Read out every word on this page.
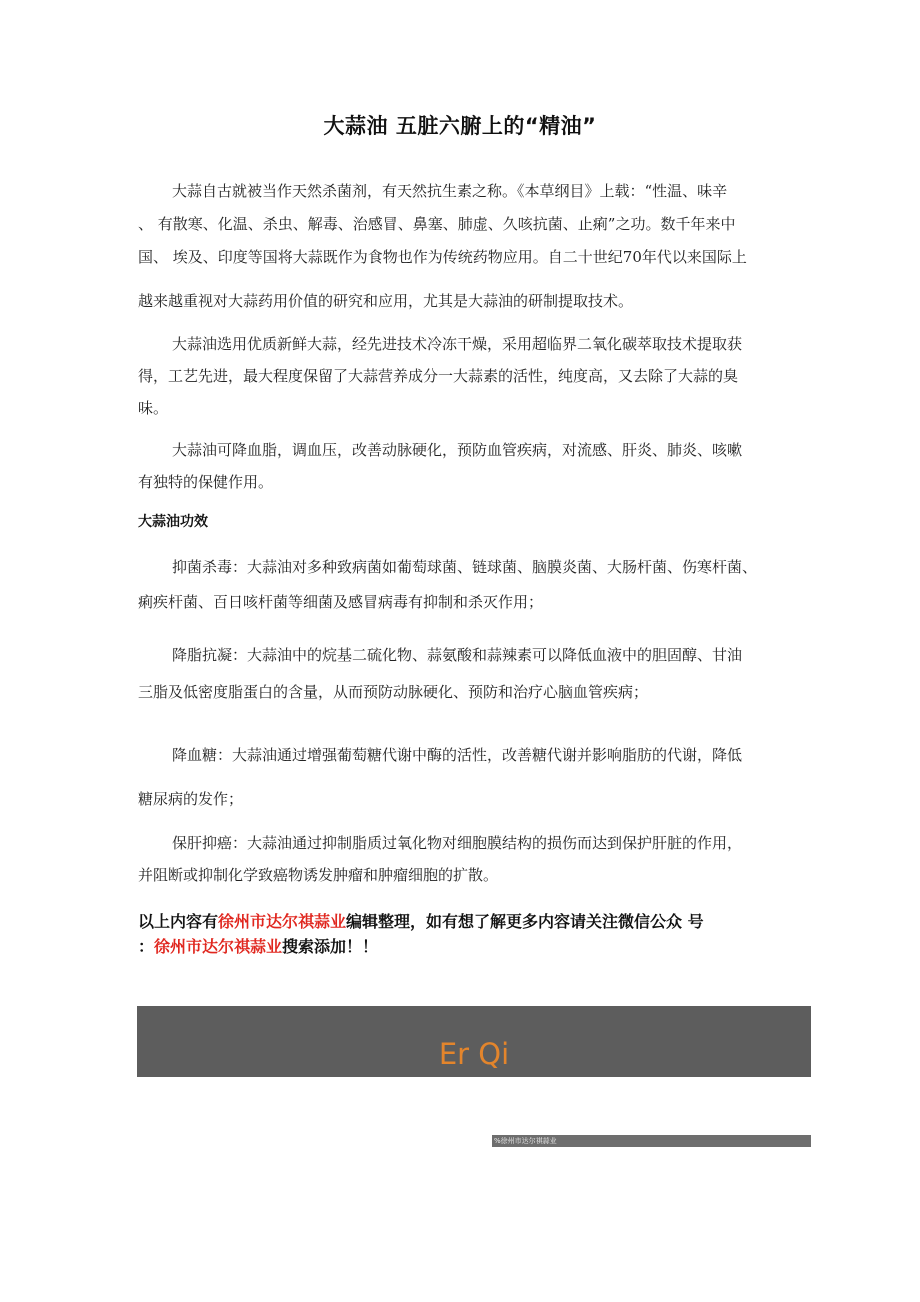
大蒜油 五脏六腑上的“精油”
大蒜自古就被当作天然杀菌剂，有天然抗生素之称。《本草纲目》上载：“性温、味辛
、 有散寒、化温、杀虫、解毒、治感冒、鼻塞、肺虚、久咳抗菌、止痢”之功。数千年来中
国、 埃及、印度等国将大蒜既作为食物也作为传统药物应用。自二十世纪70年代以来国际上
越来越重视对大蒜药用价值的研究和应用，尤其是大蒜油的研制提取技术。
大蒜油选用优质新鲜大蒜，经先进技术冷冻干燥，采用超临界二氧化碳萃取技术提取获
得，工艺先进，最大程度保留了大蒜营养成分一大蒜素的活性，纯度高，又去除了大蒜的臭
味。
大蒜油可降血脂，调血压，改善动脉硬化，预防血管疾病，对流感、肝炎、肺炎、咳嗽
有独特的保健作用。
大蒜油功效
抑菌杀毒：大蒜油对多种致病菌如葡萄球菌、链球菌、脑膜炎菌、大肠杆菌、伤寒杆菌、
痢疾杆菌、百日咳杆菌等细菌及感冒病毒有抑制和杀灭作用；
降脂抗凝：大蒜油中的烷基二硫化物、蒜氨酸和蒜辣素可以降低血液中的胆固醇、甘油
三脂及低密度脂蛋白的含量，从而预防动脉硬化、预防和治疗心脑血管疾病；
降血糖：大蒜油通过增强葡萄糖代谢中酶的活性，改善糖代谢并影响脂肪的代谢，降低
糖尿病的发作；
保肝抑癌：大蒜油通过抑制脂质过氧化物对细胞膜结构的损伤而达到保护肝脏的作用，
并阻断或抑制化学致癌物诱发肿瘤和肿瘤细胞的扩散。
以上内容有徐州市达尔祺蒜业编辑整理，如有想了解更多内容请关注微信公众 号
：徐州市达尔祺蒜业搜索添加！！
Er Qi
%徐州市达尔祺蒜业
